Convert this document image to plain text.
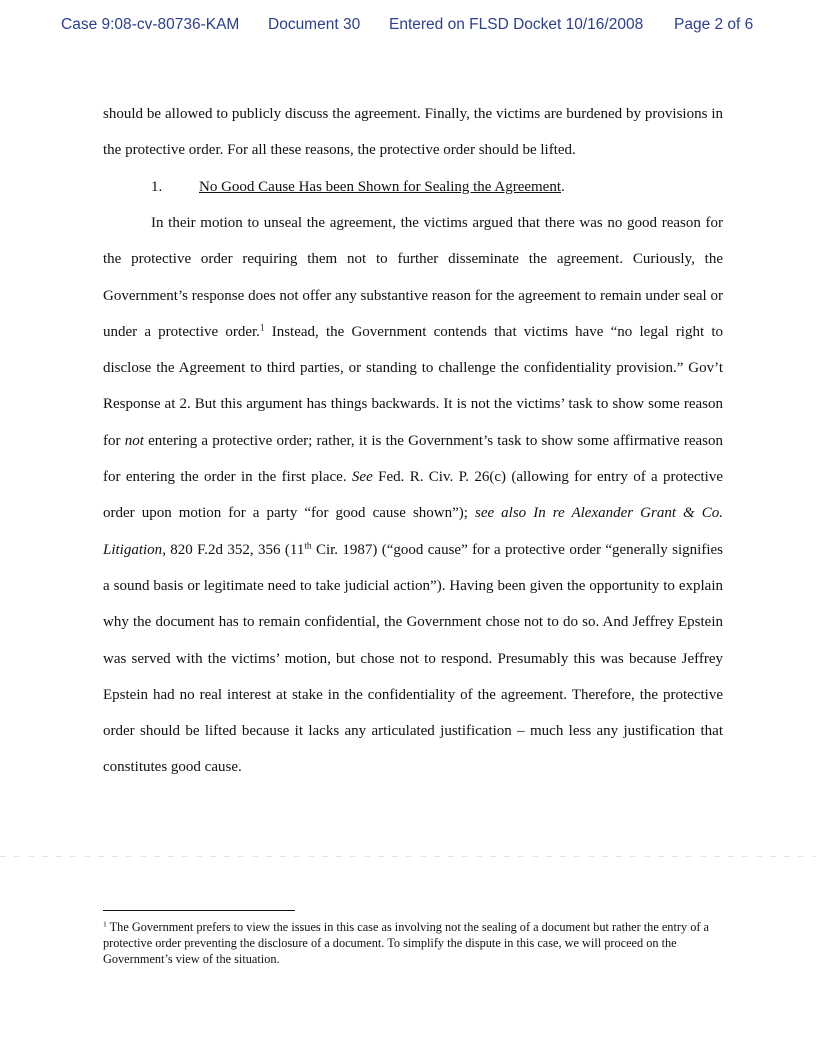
Case 9:08-cv-80736-KAM Document 30 Entered on FLSD Docket 10/16/2008 Page 2 of 6

should be allowed to publicly discuss the agreement. Finally, the victims are burdened by provisions in the protective order. For all these reasons, the protective order should be lifted.

1. No Good Cause Has been Shown for Sealing the Agreement.

In their motion to unseal the agreement, the victims argued that there was no good reason for the protective order requiring them not to further disseminate the agreement. Curiously, the Government’s response does not offer any substantive reason for the agreement to remain under seal or under a protective order.$^1$ Instead, the Government contends that victims have “no legal right to disclose the Agreement to third parties, or standing to challenge the confidentiality provision.” Gov’t Response at 2. But this argument has things backwards. It is not the victims’ task to show some reason for not entering a protective order; rather, it is the Government’s task to show some affirmative reason for entering the order in the first place. See Fed. R. Civ. P. 26(c) (allowing for entry of a protective order upon motion for a party “for good cause shown”); see also In re Alexander Grant & Co. Litigation, 820 F.2d 352, 356 (11th Cir. 1987) (“good cause” for a protective order “generally signifies a sound basis or legitimate need to take judicial action”). Having been given the opportunity to explain why the document has to remain confidential, the Government chose not to do so. And Jeffrey Epstein was served with the victims’ motion, but chose not to respond. Presumably this was because Jeffrey Epstein had no real interest at stake in the confidentiality of the agreement. Therefore, the protective order should be lifted because it lacks any articulated justification – much less any justification that constitutes good cause.

$^1$ The Government prefers to view the issues in this case as involving not the sealing of a document but rather the entry of a protective order preventing the disclosure of a document. To simplify the dispute in this case, we will proceed on the Government’s view of the situation.
